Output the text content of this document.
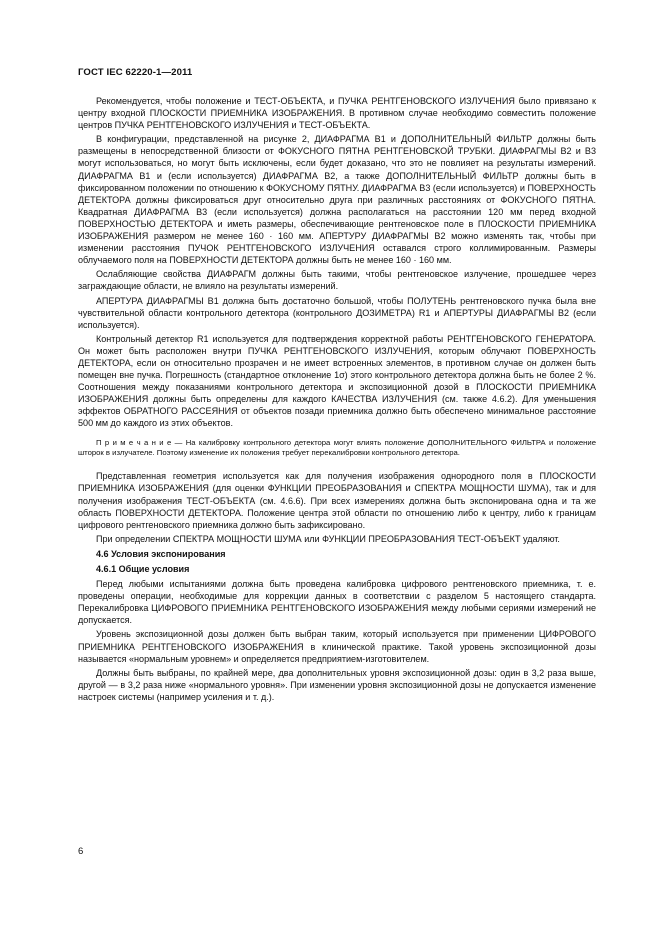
ГОСТ IEC 62220-1—2011

Рекомендуется, чтобы положение и ТЕСТ-ОБЪЕКТА, и ПУЧКА РЕНТГЕНОВСКОГО ИЗЛУЧЕНИЯ было привязано к центру входной ПЛОСКОСТИ ПРИЕМНИКА ИЗОБРАЖЕНИЯ. В противном случае необходимо совместить положение центров ПУЧКА РЕНТГЕНОВСКОГО ИЗЛУЧЕНИЯ и ТЕСТ-ОБЪЕКТА.

В конфигурации, представленной на рисунке 2, ДИАФРАГМА В1 и ДОПОЛНИТЕЛЬНЫЙ ФИЛЬТР должны быть размещены в непосредственной близости от ФОКУСНОГО ПЯТНА РЕНТГЕНОВСКОЙ ТРУБКИ. ДИАФРАГМЫ В2 и В3 могут использоваться, но могут быть исключены, если будет доказано, что это не повлияет на результаты измерений. ДИАФРАГМА В1 и (если используется) ДИАФРАГМА В2, а также ДОПОЛНИТЕЛЬНЫЙ ФИЛЬТР должны быть в фиксированном положении по отношению к ФОКУСНОМУ ПЯТНУ. ДИАФРАГМА В3 (если используется) и ПОВЕРХНОСТЬ ДЕТЕКТОРА должны фиксироваться друг относительно друга при различных расстояниях от ФОКУСНОГО ПЯТНА. Квадратная ДИАФРАГМА В3 (если используется) должна располагаться на расстоянии 120 мм перед входной ПОВЕРХНОСТЬЮ ДЕТЕКТОРА и иметь размеры, обеспечивающие рентгеновское поле в ПЛОСКОСТИ ПРИЕМНИКА ИЗОБРАЖЕНИЯ размером не менее 160 · 160 мм. АПЕРТУРУ ДИАФРАГМЫ В2 можно изменять так, чтобы при изменении расстояния ПУЧОК РЕНТГЕНОВСКОГО ИЗЛУЧЕНИЯ оставался строго коллимированным. Размеры облучаемого поля на ПОВЕРХНОСТИ ДЕТЕКТОРА должны быть не менее 160 · 160 мм.

Ослабляющие свойства ДИАФРАГМ должны быть такими, чтобы рентгеновское излучение, прошедшее через заграждающие области, не влияло на результаты измерений.

АПЕРТУРА ДИАФРАГМЫ В1 должна быть достаточно большой, чтобы ПОЛУТЕНЬ рентгеновского пучка была вне чувствительной области контрольного детектора (контрольного ДОЗИМЕТРА) R1 и АПЕРТУРЫ ДИАФРАГМЫ В2 (если используется).

Контрольный детектор R1 используется для подтверждения корректной работы РЕНТГЕНОВСКОГО ГЕНЕРАТОРА. Он может быть расположен внутри ПУЧКА РЕНТГЕНОВСКОГО ИЗЛУЧЕНИЯ, которым облучают ПОВЕРХНОСТЬ ДЕТЕКТОРА, если он относительно прозрачен и не имеет встроенных элементов, в противном случае он должен быть помещен вне пучка. Погрешность (стандартное отклонение 1σ) этого контрольного детектора должна быть не более 2 %. Соотношения между показаниями контрольного детектора и экспозиционной дозой в ПЛОСКОСТИ ПРИЕМНИКА ИЗОБРАЖЕНИЯ должны быть определены для каждого КАЧЕСТВА ИЗЛУЧЕНИЯ (см. также 4.6.2). Для уменьшения эффектов ОБРАТНОГО РАССЕЯНИЯ от объектов позади приемника должно быть обеспечено минимальное расстояние 500 мм до каждого из этих объектов.

П р и м е ч а н и е — На калибровку контрольного детектора могут влиять положение ДОПОЛНИТЕЛЬНОГО ФИЛЬТРА и положение шторок в излучателе. Поэтому изменение их положения требует перекалибровки контрольного детектора.

Представленная геометрия используется как для получения изображения однородного поля в ПЛОСКОСТИ ПРИЕМНИКА ИЗОБРАЖЕНИЯ (для оценки ФУНКЦИИ ПРЕОБРАЗОВАНИЯ и СПЕКТРА МОЩНОСТИ ШУМА), так и для получения изображения ТЕСТ-ОБЪЕКТА (см. 4.6.6). При всех измерениях должна быть экспонирована одна и та же область ПОВЕРХНОСТИ ДЕТЕКТОРА. Положение центра этой области по отношению либо к центру, либо к границам цифрового рентгеновского приемника должно быть зафиксировано.

При определении СПЕКТРА МОЩНОСТИ ШУМА или ФУНКЦИИ ПРЕОБРАЗОВАНИЯ ТЕСТ-ОБЪЕКТ удаляют.

4.6 Условия экспонирования
4.6.1 Общие условия

Перед любыми испытаниями должна быть проведена калибровка цифрового рентгеновского приемника, т. е. проведены операции, необходимые для коррекции данных в соответствии с разделом 5 настоящего стандарта. Перекалибровка ЦИФРОВОГО ПРИЕМНИКА РЕНТГЕНОВСКОГО ИЗОБРАЖЕНИЯ между любыми сериями измерений не допускается.

Уровень экспозиционной дозы должен быть выбран таким, который используется при применении ЦИФРОВОГО ПРИЕМНИКА РЕНТГЕНОВСКОГО ИЗОБРАЖЕНИЯ в клинической практике. Такой уровень экспозиционной дозы называется «нормальным уровнем» и определяется предприятием-изготовителем.

Должны быть выбраны, по крайней мере, два дополнительных уровня экспозиционной дозы: один в 3,2 раза выше, другой — в 3,2 раза ниже «нормального уровня». При изменении уровня экспозиционной дозы не допускается изменение настроек системы (например усиления и т. д.).

6
